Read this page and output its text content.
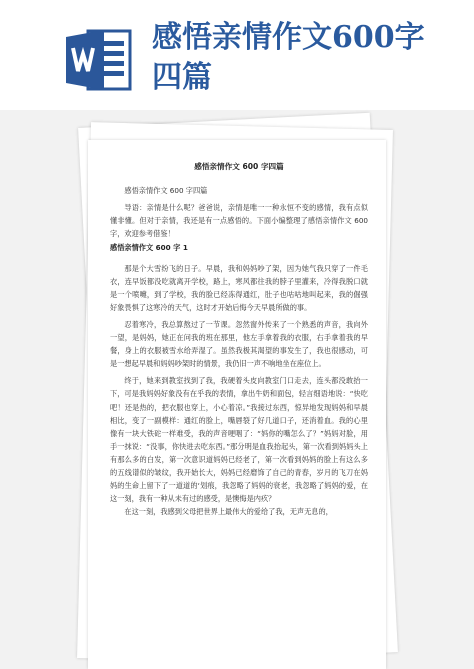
感悟亲情作文600字四篇
感悟亲情作文 600 字四篇

感悟亲情作文 600 字四篇

导语：亲情是什么呢？爸爸说，亲情是唯一一种永恒不变的感情，我有点似懂非懂。但对于亲情，我还是有一点感悟的。下面小编整理了感悟亲情作文 600 字，欢迎参考借鉴！

感悟亲情作文 600 字 1

那是个大雪纷飞的日子。早晨，我和妈妈吵了架，因为她气我只穿了一件毛衣，连早饭都没吃就离开学校，路上，寒风都往我的脖子里灌来，冷得我脱口就是一个喷嚏，到了学校，我的脸已经冻得通红，肚子也咕咕地叫起来，我的倔强好象畏惧了这寒冷的天气，这时才开始后悔今天早晨所做的事。

忍着寒冷，我总算熬过了一节课。忽然窗外传来了一个熟悉的声音，我向外一望，是妈妈，她正在问我的班在那里，他左手拿着我的衣服，右手拿着我的早餐，身上的衣服被雪水给弄湿了。虽然我极其渴望的事发生了，我也很感动，可是一想起早晨和妈妈吵架时的情景，我仍旧一声不响地坐在座位上。

终于，她来到教室找到了我，我硬着头皮向教室门口走去，连头都没敢抬一下，可是我妈妈好象没有在乎我的表情，拿出牛奶和面包，轻言细语地说：“快吃吧！还是热的，把衣服也穿上，小心着凉。”我接过东西，惊异地发现妈妈和早晨相比，变了一副模样：通红的脸上，嘴唇裂了好几道口子，还消着血。我的心里像有一块大铁砣一样难受，我的声音哽咽了：“妈你的嘴怎么了？”妈妈对脸，用手一抹说：“没事，你快进去吃东西。”那分明是血我抬起头，第一次看到妈妈头上有那么多的白发，第一次意识道妈妈已经老了，第一次看到妈妈的脸上有这么多的五线谱似的皱纹，我开始长大，妈妈已经磨饰了自己的青春，岁月的飞刀在妈妈的生命上留下了一道道的‘划痕，我忽略了妈妈的衰老，我忽略了妈妈的爱，在这一刻，我有一种从未有过的感受，是懊悔是内疚？

在这一刻，我感到父母把世界上最伟大的爱给了我，无声无息的，
